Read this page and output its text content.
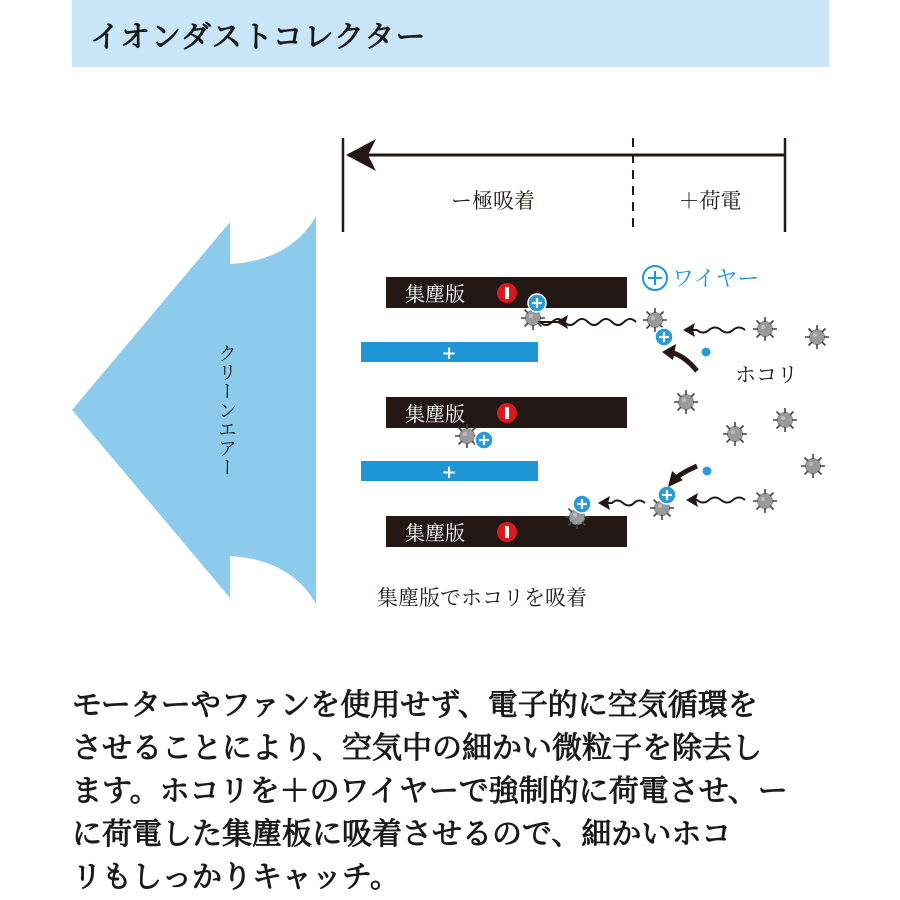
イオンダストコレクター
クリーンエアー
ー極吸着	＋荷電
集塵版
集塵版
集塵版
+
+
ワイヤー
ホコリ
集塵版でホコリを吸着
モーターやファンを使用せず、電子的に空気循環を
させることにより、空気中の細かい微粒子を除去し
ます。ホコリを＋のワイヤーで強制的に荷電させ、ー
に荷電した集塵板に吸着させるので、細かいホコ
リもしっかりキャッチ。
